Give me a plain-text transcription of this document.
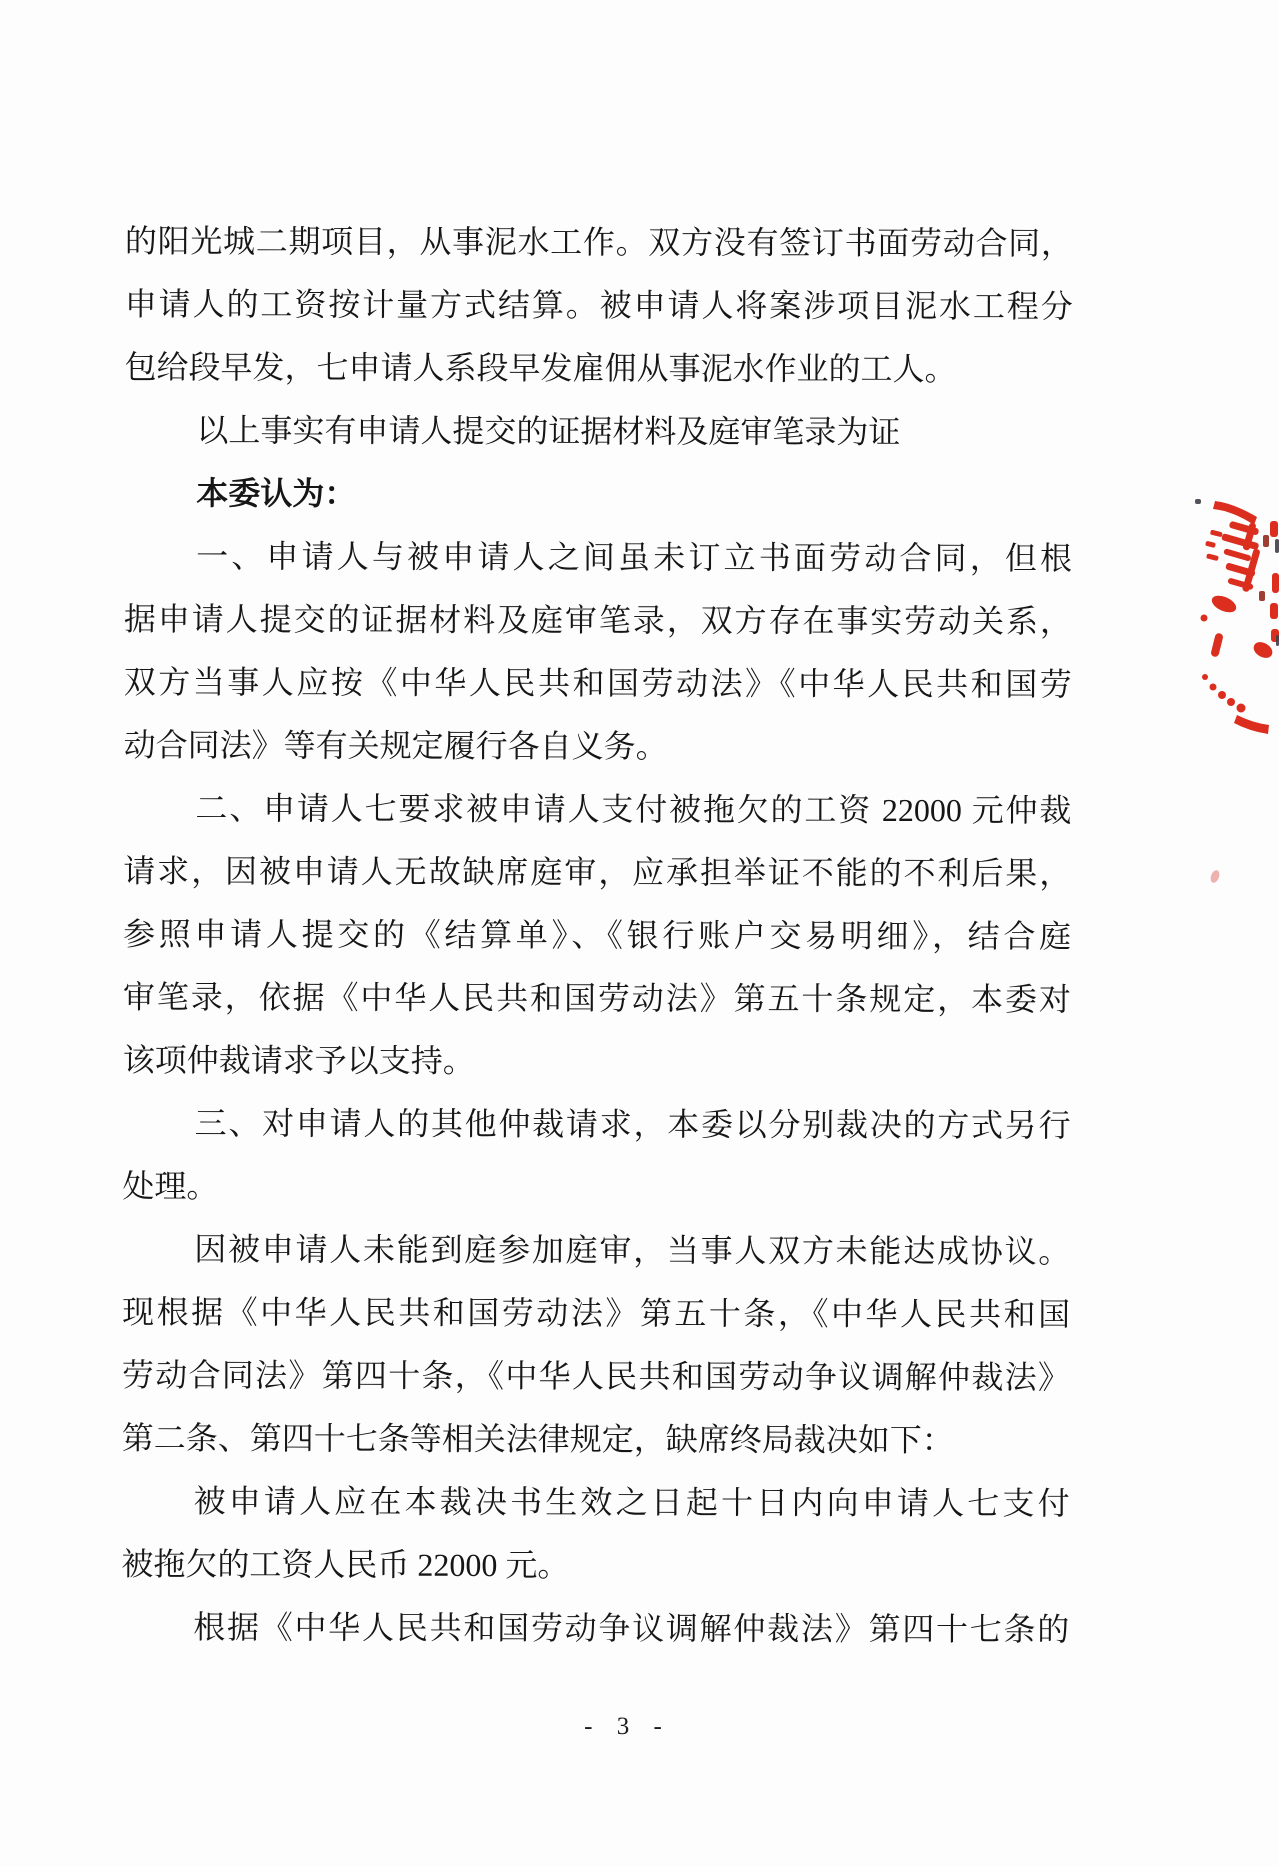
的阳光城二期项目，从事泥水工作。双方没有签订书面劳动合同，
申请人的工资按计量方式结算。被申请人将案涉项目泥水工程分
包给段早发，七申请人系段早发雇佣从事泥水作业的工人。
以上事实有申请人提交的证据材料及庭审笔录为证
本委认为：
一、申请人与被申请人之间虽未订立书面劳动合同，但根
据申请人提交的证据材料及庭审笔录，双方存在事实劳动关系，
双方当事人应按《中华人民共和国劳动法》《中华人民共和国劳
动合同法》等有关规定履行各自义务。
二、申请人七要求被申请人支付被拖欠的工资 22000 元仲裁
请求，因被申请人无故缺席庭审，应承担举证不能的不利后果，
参照申请人提交的《结算单》、《银行账户交易明细》，结合庭
审笔录，依据《中华人民共和国劳动法》第五十条规定，本委对
该项仲裁请求予以支持。
三、对申请人的其他仲裁请求，本委以分别裁决的方式另行
处理。
因被申请人未能到庭参加庭审，当事人双方未能达成协议。
现根据《中华人民共和国劳动法》第五十条，《中华人民共和国
劳动合同法》第四十条，《中华人民共和国劳动争议调解仲裁法》
第二条、第四十七条等相关法律规定，缺席终局裁决如下：
被申请人应在本裁决书生效之日起十日内向申请人七支付
被拖欠的工资人民币 22000 元。
根据《中华人民共和国劳动争议调解仲裁法》第四十七条的
- 3 -
